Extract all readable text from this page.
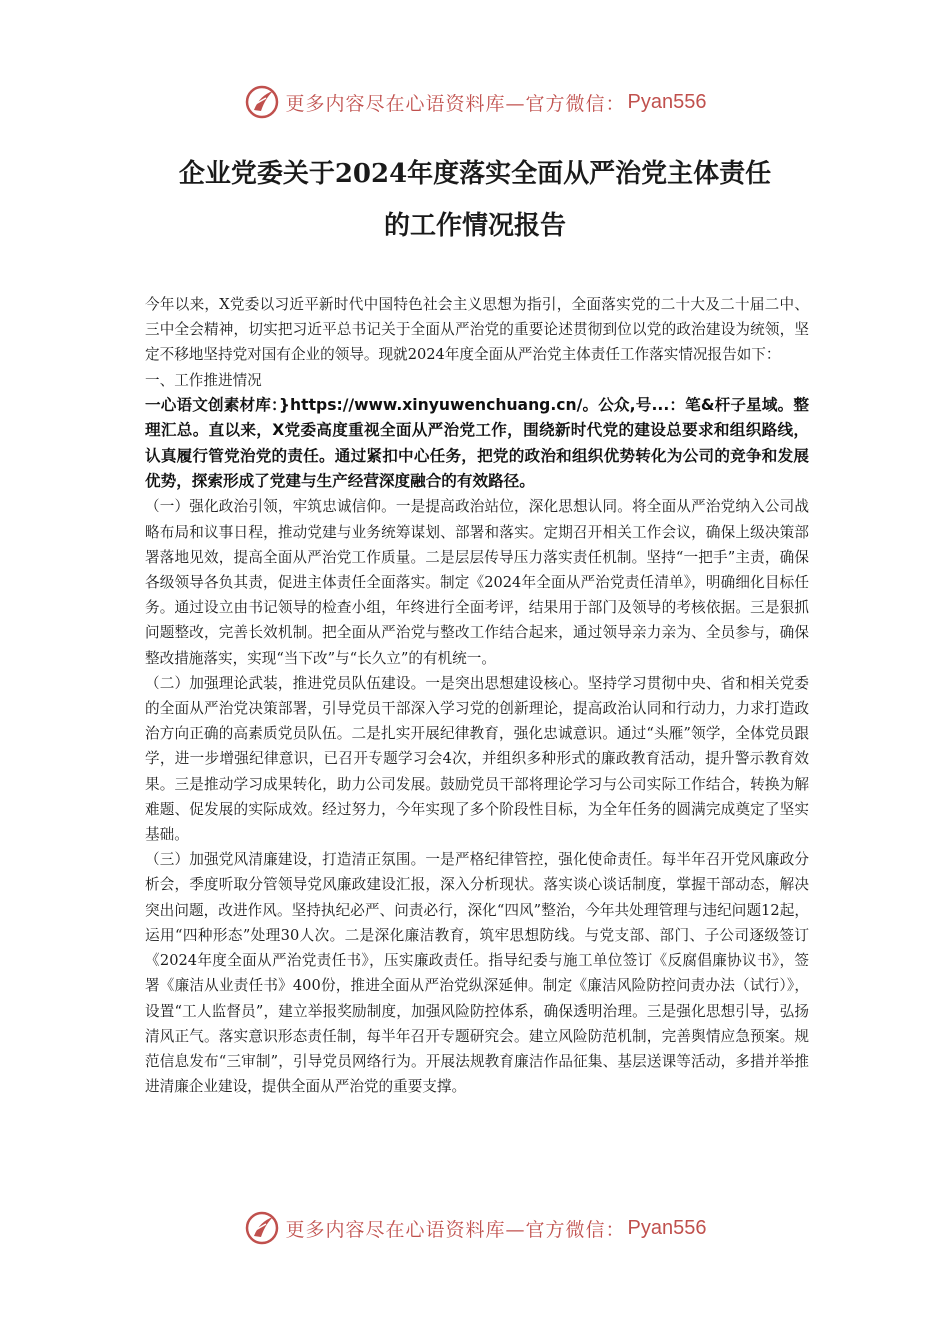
更多内容尽在心语资料库—官方微信： Pyan556
企业党委关于2024年度落实全面从严治党主体责任
的工作情况报告

今年以来，X党委以习近平新时代中国特色社会主义思想为指引，全面落实党的二十大及二十届二中、三中全会精神，切实把习近平总书记关于全面从严治党的重要论述贯彻到位以党的政治建设为统领，坚定不移地坚持党对国有企业的领导。现就2024年度全面从严治党主体责任工作落实情况报告如下：

一、工作推进情况

一心语文创素材库：}https://www.xinyuwenchuang.cn/。公众,号...：笔&杆子星域。整理汇总。直以来，X党委高度重视全面从严治党工作，围绕新时代党的建设总要求和组织路线，认真履行管党治党的责任。通过紧扣中心任务，把党的政治和组织优势转化为公司的竞争和发展优势，探索形成了党建与生产经营深度融合的有效路径。

（一）强化政治引领，牢筑忠诚信仰。一是提高政治站位，深化思想认同。将全面从严治党纳入公司战略布局和议事日程，推动党建与业务统筹谋划、部署和落实。定期召开相关工作会议，确保上级决策部署落地见效，提高全面从严治党工作质量。二是层层传导压力落实责任机制。坚持“一把手”主责，确保各级领导各负其责，促进主体责任全面落实。制定《2024年全面从严治党责任清单》，明确细化目标任务。通过设立由书记领导的检查小组，年终进行全面考评，结果用于部门及领导的考核依据。三是狠抓问题整改，完善长效机制。把全面从严治党与整改工作结合起来，通过领导亲力亲为、全员参与，确保整改措施落实，实现“当下改”与“长久立”的有机统一。

（二）加强理论武装，推进党员队伍建设。一是突出思想建设核心。坚持学习贯彻中央、省和相关党委的全面从严治党决策部署，引导党员干部深入学习党的创新理论，提高政治认同和行动力，力求打造政治方向正确的高素质党员队伍。二是扎实开展纪律教育，强化忠诚意识。通过“头雁”领学，全体党员跟学，进一步增强纪律意识，已召开专题学习会4次，并组织多种形式的廉政教育活动，提升警示教育效果。三是推动学习成果转化，助力公司发展。鼓励党员干部将理论学习与公司实际工作结合，转换为解难题、促发展的实际成效。经过努力，今年实现了多个阶段性目标，为全年任务的圆满完成奠定了坚实基础。

（三）加强党风清廉建设，打造清正氛围。一是严格纪律管控，强化使命责任。每半年召开党风廉政分析会，季度听取分管领导党风廉政建设汇报，深入分析现状。落实谈心谈话制度，掌握干部动态，解决突出问题，改进作风。坚持执纪必严、问责必行，深化“四风”整治，今年共处理管理与违纪问题12起，运用“四种形态”处理30人次。二是深化廉洁教育，筑牢思想防线。与党支部、部门、子公司逐级签订《2024年度全面从严治党责任书》，压实廉政责任。指导纪委与施工单位签订《反腐倡廉协议书》，签署《廉洁从业责任书》400份，推进全面从严治党纵深延伸。制定《廉洁风险防控问责办法（试行）》，设置“工人监督员”，建立举报奖励制度，加强风险防控体系，确保透明治理。三是强化思想引导，弘扬清风正气。落实意识形态责任制，每半年召开专题研究会。建立风险防范机制，完善舆情应急预案。规范信息发布“三审制”，引导党员网络行为。开展法规教育廉洁作品征集、基层送课等活动，多措并举推进清廉企业建设，提供全面从严治党的重要支撑。

更多内容尽在心语资料库—官方微信： Pyan556
